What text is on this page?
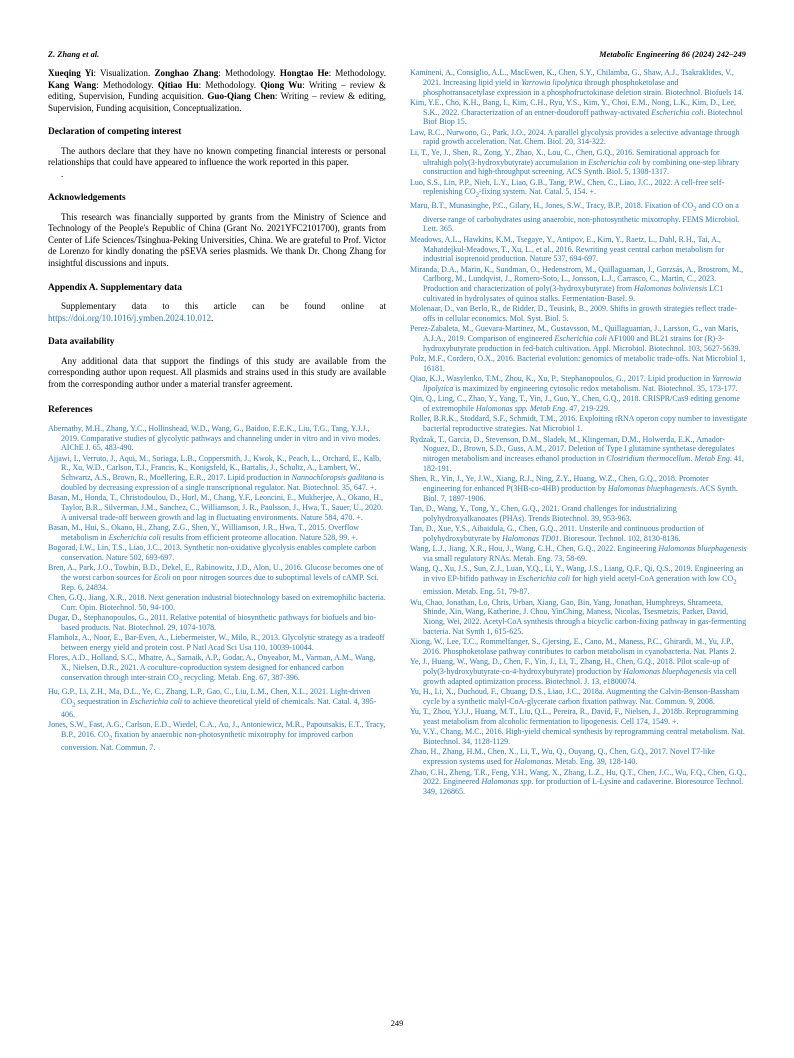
Z. Zhang et al.	Metabolic Engineering 86 (2024) 242–249

Xueqing Yi: Visualization. Zonghao Zhang: Methodology. Hongtao He: Methodology. Kang Wang: Methodology. Qitiao Hu: Methodology. Qiong Wu: Writing – review & editing, Supervision, Funding acquisition. Guo-Qiang Chen: Writing – review & editing, Supervision, Funding acquisition, Conceptualization.

Declaration of competing interest

The authors declare that they have no known competing financial interests or personal relationships that could have appeared to influence the work reported in this paper.

.

Acknowledgements

This research was financially supported by grants from the Ministry of Science and Technology of the People's Republic of China (Grant No. 2021YFC2101700), grants from Center of Life Sciences/Tsinghua-Peking Universities, China. We are grateful to Prof. Victor de Lorenzo for kindly donating the pSEVA series plasmids. We thank Dr. Chong Zhang for insightful discussions and inputs.

Appendix A. Supplementary data

Supplementary data to this article can be found online at https://doi.org/10.1016/j.ymben.2024.10.012.

Data availability

Any additional data that support the findings of this study are available from the corresponding author upon request. All plasmids and strains used in this study are available from the corresponding author under a material transfer agreement.

References
Abernathy, M.H., Zhang, Y.C., Hollinshead, W.D., Wang, G., Baidoo, E.E.K., Liu, T.G., Tang, Y.J.J., 2019. Comparative studies of glycolytic pathways and channeling under in vitro and in vivo modes. AIChE J. 65, 483-490.
Ajjawi, I., Verruto, J., Aqui, M., Soriaga, L.B., Coppersmith, J., Kwok, K., Peach, L., Orchard, E., Kalb, R., Xu, W.D., Carlson, T.J., Francis, K., Konigsfeld, K., Bartalis, J., Schultz, A., Lambert, W., Schwartz, A.S., Brown, R., Moellering, E.R., 2017. Lipid production in Nannochloropsis gaditana is doubled by decreasing expression of a single transcriptional regulator. Nat. Biotechnol. 35, 647. +.
Basan, M., Honda, T., Christodoulou, D., Horl, M., Chang, Y.F., Leoncini, E., Mukherjee, A., Okano, H., Taylor, B.R., Silverman, J.M., Sanchez, C., Williamson, J. R., Paulsson, J., Hwa, T., Sauer, U., 2020. A universal trade-off between growth and lag in fluctuating environments. Nature 584, 470. +.
Basan, M., Hui, S., Okano, H., Zhang, Z.G., Shen, Y., Williamson, J.R., Hwa, T., 2015. Overflow metabolism in Escherichia coli results from efficient proteome allocation. Nature 528, 99. +.
Bogorad, I.W., Lin, T.S., Liao, J.C., 2013. Synthetic non-oxidative glycolysis enables complete carbon conservation. Nature 502, 693-697.
Bren, A., Park, J.O., Towbin, B.D., Dekel, E., Rabinowitz, J.D., Alon, U., 2016. Glucose becomes one of the worst carbon sources for Ecoli on poor nitrogen sources due to suboptimal levels of cAMP. Sci. Rep. 6, 24834.
Chen, G.Q., Jiang, X.R., 2018. Next generation industrial biotechnology based on extremophilic bacteria. Curr. Opin. Biotechnol. 50, 94-100.
Dugar, D., Stephanopoulos, G., 2011. Relative potential of biosynthetic pathways for biofuels and bio-based products. Nat. Biotechnol. 29, 1074-1078.
Flamholz, A., Noor, E., Bar-Even, A., Liebermeister, W., Milo, R., 2013. Glycolytic strategy as a tradeoff between energy yield and protein cost. P Natl Acad Sci Usa 110, 10039-10044.
Flores, A.D., Holland, S.C., Mhatre, A., Sarnaik, A.P., Godar, A., Onyeabor, M., Varman, A.M., Wang, X., Nielsen, D.R., 2021. A coculture-coproduction system designed for enhanced carbon conservation through inter-strain $CO_2$ recycling. Metab. Eng. 67, 387-396.
Hu, G.P., Li, Z.H., Ma, D.L., Ye, C., Zhang, L.P., Gao, C., Liu, L.M., Chen, X.L., 2021. Light-driven $CO_2$ sequestration in Escherichia coli to achieve theoretical yield of chemicals. Nat. Catal. 4, 395-406.
Jones, S.W., Fast, A.G., Carlson, E.D., Wiedel, C.A., Au, J., Antoniewicz, M.R., Papoutsakis, E.T., Tracy, B.P., 2016. $CO_2$ fixation by anaerobic non-photosynthetic mixotrophy for improved carbon conversion. Nat. Commun. 7.
Kamineni, A., Consiglio, A.L., MacEwen, K., Chen, S.Y., Chilamba, G., Shaw, A.J., Tsakraklides, V., 2021. Increasing lipid yield in Yarrowia lipolytica through phosphoketolase and phosphotransacetylase expression in a phosphofructokinase deletion strain. Biotechnol. Biofuels 14.
Kim, Y.E., Cho, K.H., Bang, I., Kim, C.H., Ryu, Y.S., Kim, Y., Choi, E.M., Nong, L.K., Kim, D., Lee, S.K., 2022. Characterization of an entner-doudoroff pathway-activated Escherichia coli. Biotechnol Biof Biop 15.
Law, R.C., Nurwono, G., Park, J.O., 2024. A parallel glycolysis provides a selective advantage through rapid growth acceleration. Nat. Chem. Biol. 20, 314-322.
Li, T., Ye, J., Shen, R., Zong, Y., Zhao, X., Lou, C., Chen, G.Q., 2016. Semirational approach for ultrahigh poly(3-hydroxybutyrate) accumulation in Escherichia coli by combining one-step library construction and high-throughput screening. ACS Synth. Biol. 5, 1308-1317.
Luo, S.S., Lin, P.P., Nieh, L.Y., Liao, G.B., Tang, P.W., Chen, C., Liao, J.C., 2022. A cell-free self-replenishing $CO_2$-fixing system. Nat. Catal. 5, 154. +.
Maru, B.T., Munasinghe, P.C., Gilary, H., Jones, S.W., Tracy, B.P., 2018. Fixation of $CO_2$ and CO on a diverse range of carbohydrates using anaerobic, non-photosynthetic mixotrophy. FEMS Microbiol. Lett. 365.
Meadows, A.L., Hawkins, K.M., Tsegaye, Y., Antipov, E., Kim, Y., Raetz, L., Dahl, R.H., Tai, A., Mahatdejkul-Meadows, T., Xu, L., et al., 2016. Rewriting yeast central carbon metabolism for industrial isoprenoid production. Nature 537, 694-697.
Miranda, D.A., Marin, K., Sundman, O., Hedenstrom, M., Quillaguaman, J., Gorzsás, A., Brostrom, M., Carlborg, M., Lundqvist, J., Romero-Soto, L., Jonsson, L.J., Carrasco, C., Martin, C., 2023. Production and characterization of poly(3-hydroxybutyrate) from Halomonas boliviensis LC1 cultivated in hydrolysates of quinoa stalks. Fermentation-Basel. 9.
Molenaar, D., van Berlo, R., de Ridder, D., Teusink, B., 2009. Shifts in growth strategies reflect trade-offs in cellular economics. Mol. Syst. Biol. 5.
Perez-Zabaleta, M., Guevara-Martinez, M., Gustavsson, M., Quillaguaman, J., Larsson, G., van Maris, A.J.A., 2019. Comparison of engineered Escherichia coli AF1000 and BL21 strains for (R)-3-hydroxybutyrate production in fed-batch cultivation. Appl. Microbiol. Biotechnol. 103, 5627-5639.
Polz, M.F., Cordero, O.X., 2016. Bacterial evolution: genomics of metabolic trade-offs. Nat Microbiol 1, 16181.
Qiao, K.J., Wasylenko, T.M., Zhou, K., Xu, P., Stephanopoulos, G., 2017. Lipid production in Yarrowia lipolytica is maximized by engineering cytosolic redox metabolism. Nat. Biotechnol. 35, 173-177.
Qin, Q., Ling, C., Zhao, Y., Yang, T., Yin, J., Guo, Y., Chen, G.Q., 2018. CRISPR/Cas9 editing genome of extremophile Halomonas spp. Metab Eng. 47, 219-229.
Roller, B.R.K., Stoddard, S.F., Schmidt, T.M., 2016. Exploiting rRNA operon copy number to investigate bacterial reproductive strategies. Nat Microbiol 1.
Rydzak, T., Garcia, D., Stevenson, D.M., Sladek, M., Klingeman, D.M., Holwerda, E.K., Amador-Noguez, D., Brown, S.D., Guss, A.M., 2017. Deletion of Type I glutamine synthetase deregulates nitrogen metabolism and increases ethanol production in Clostridium thermocellum. Metab Eng. 41, 182-191.
Shen, R., Yin, J., Ye, J.W., Xiang, R.J., Ning, Z.Y., Huang, W.Z., Chen, G.Q., 2018. Promoter engineering for enhanced P(3HB-co-4HB) production by Halomonas bluephagenesis. ACS Synth. Biol. 7, 1897-1906.
Tan, D., Wang, Y., Tong, Y., Chen, G.Q., 2021. Grand challenges for industrializing polyhydroxyalkanoates (PHAs). Trends Biotechnol. 39, 953-963.
Tan, D., Xue, Y.S., Aibaidula, G., Chen, G.Q., 2011. Unsterile and continuous production of polyhydroxybutyrate by Halomonas TD01. Bioresour. Technol. 102, 8130-8136.
Wang, L.J., Jiang, X.R., Hou, J., Wang, C.H., Chen, G.Q., 2022. Engineering Halomonas bluephagenesis via small regulatory RNAs. Metab. Eng. 73, 58-69.
Wang, Q., Xu, J.S., Sun, Z.J., Luan, Y.Q., Li, Y., Wang, J.S., Liang, Q.F., Qi, Q.S., 2019. Engineering an in vivo EP-bifido pathway in Escherichia coli for high yield acetyl-CoA generation with low $CO_2$ emission. Metab. Eng. 51, 79-87.
Wu, Chao, Jonathan, Lo, Chris, Urban, Xiang, Gao, Bin, Yang, Jonathan, Humphreys, Shrameeta, Shinde, Xin, Wang, Katherine, J. Chou, YinChing, Maness, Nicolas, Tsesmetzis, Parker, David, Xiong, Wei, 2022. Acetyl-CoA synthesis through a bicyclic carbon-fixing pathway in gas-fermenting bacteria. Nat Synth 1, 615-625.
Xiong, W., Lee, T.C., Rommelfanger, S., Gjersing, E., Cano, M., Maness, P.C., Ghirardi, M., Yu, J.P., 2016. Phosphoketolase pathway contributes to carbon metabolism in cyanobacteria. Nat. Plants 2.
Ye, J., Huang, W., Wang, D., Chen, F., Yin, J., Li, T., Zhang, H., Chen, G.Q., 2018. Pilot scale-up of poly(3-hydroxybutyrate-co-4-hydroxybutyrate) production by Halomonas bluephagenesis via cell growth adapted optimization process. Biotechnol. J. 13, e1800074.
Yu, H., Li, X., Duchoud, F., Chuang, D.S., Liao, J.C., 2018a. Augmenting the Calvin-Benson-Bassham cycle by a synthetic malyl-CoA-glycerate carbon fixation pathway. Nat. Commun. 9, 2008.
Yu, T., Zhou, Y.J.J., Huang, M.T., Liu, Q.L., Pereira, R., David, F., Nielsen, J., 2018b. Reprogramming yeast metabolism from alcoholic fermentation to lipogenesis. Cell 174, 1549. +.
Yu, V.Y., Chang, M.C., 2016. High-yield chemical synthesis by reprogramming central metabolism. Nat. Biotechnol. 34, 1128-1129.
Zhao, H., Zhang, H.M., Chen, X., Li, T., Wu, Q., Ouyang, Q., Chen, G.Q., 2017. Novel T7-like expression systems used for Halomonas. Metab. Eng. 39, 128-140.
Zhao, C.H., Zheng, T.R., Feng, Y.H., Wang, X., Zhang, L.Z., Hu, Q.T., Chen, J.C., Wu, F.Q., Chen, G.Q., 2022. Engineered Halomonas spp. for production of L-Lysine and cadaverine. Bioresource Technol. 349, 126865.
249
